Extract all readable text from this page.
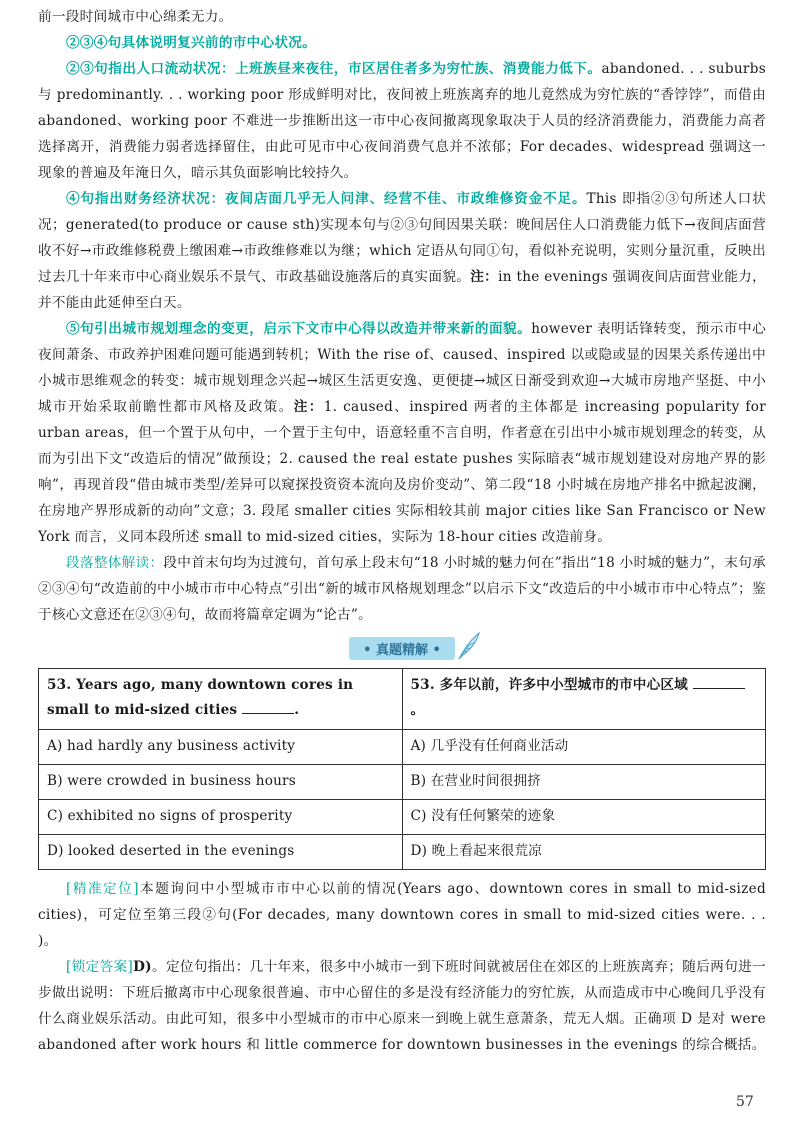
前一段时间城市中心绵柔无力。

②③④句具体说明复兴前的市中心状况。

②③句指出人口流动状况：上班族昼来夜往，市区居住者多为穷忙族、消费能力低下。abandoned. . . suburbs 与 predominantly. . . working poor 形成鲜明对比，夜间被上班族离弃的地儿竟然成为穷忙族的“香饽饽”，而借由 abandoned、working poor 不难进一步推断出这一市中心夜间撤离现象取决于人员的经济消费能力，消费能力高者选择离开，消费能力弱者选择留住，由此可见市中心夜间消费气息并不浓郁；For decades、widespread 强调这一现象的普遍及年淹日久，暗示其负面影响比较持久。

④句指出财务经济状况：夜间店面几乎无人问津、经营不佳、市政维修资金不足。This 即指②③句所述人口状况；generated(to produce or cause sth)实现本句与②③句间因果关联：晚间居住人口消费能力低下→夜间店面营收不好→市政维修税费上缴困难→市政维修难以为继；which 定语从句同①句，看似补充说明，实则分量沉重，反映出过去几十年来市中心商业娱乐不景气、市政基础设施落后的真实面貌。注：in the evenings 强调夜间店面营业能力，并不能由此延伸至白天。

⑤句引出城市规划理念的变更，启示下文市中心得以改造并带来新的面貌。however 表明话锋转变，预示市中心夜间萧条、市政养护困难问题可能遇到转机；With the rise of、caused、inspired 以或隐或显的因果关系传递出中小城市思维观念的转变：城市规划理念兴起→城区生活更安逸、更便捷→城区日渐受到欢迎→大城市房地产坚挺、中小城市开始采取前瞻性都市风格及政策。注：1. caused、inspired 两者的主体都是 increasing popularity for urban areas，但一个置于从句中，一个置于主句中，语意轻重不言自明，作者意在引出中小城市规划理念的转变，从而为引出下文“改造后的情况”做预设；2. caused the real estate pushes 实际暗表“城市规划建设对房地产界的影响”，再现首段“借由城市类型/差异可以窥探投资资本流向及房价变动”、第二段“18 小时城在房地产排名中掀起波澜，在房地产界形成新的动向”文意；3. 段尾 smaller cities 实际相较其前 major cities like San Francisco or New York 而言，义同本段所述 small to mid-sized cities，实际为 18-hour cities 改造前身。

段落整体解读：段中首末句均为过渡句，首句承上段末句“18 小时城的魅力何在”指出“18 小时城的魅力”，末句承②③④句“改造前的中小城市市中心特点”引出“新的城市风格规划理念”以启示下文“改造后的中小城市市中心特点”；鉴于核心文意还在②③④句，故而将篇章定调为“论古”。

• 真题精解 •
53. Years ago, many downtown cores in small to mid-sized cities .	53. 多年以前，许多中小型城市的市中心区域 。
A) had hardly any business activity	A) 几乎没有任何商业活动
B) were crowded in business hours	B) 在营业时间很拥挤
C) exhibited no signs of prosperity	C) 没有任何繁荣的迹象
D) looked deserted in the evenings	D) 晚上看起来很荒凉

[精准定位]本题询问中小型城市市中心以前的情况(Years ago、downtown cores in small to mid-sized cities)，可定位至第三段②句(For decades, many downtown cores in small to mid-sized cities were. . . )。

[锁定答案]D)。定位句指出：几十年来，很多中小城市一到下班时间就被居住在郊区的上班族离弃；随后两句进一步做出说明：下班后撤离市中心现象很普遍、市中心留住的多是没有经济能力的穷忙族，从而造成市中心晚间几乎没有什么商业娱乐活动。由此可知，很多中小型城市的市中心原来一到晚上就生意萧条，荒无人烟。正确项 D 是对 were abandoned after work hours 和 little commerce for downtown businesses in the evenings 的综合概括。

57
